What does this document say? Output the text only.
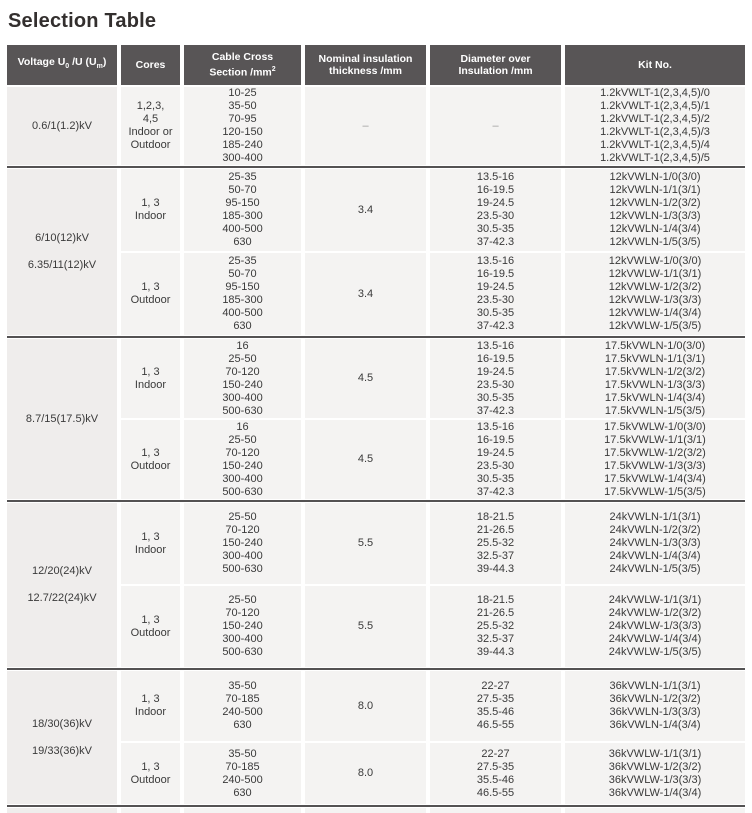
Selection Table
Voltage $U_0$ /U $(U_m)$	Cores
Cable Cross
Section $/mm^2$
Nominal insulation
thickness /mm
Diameter over
Insulation /mm
Kit No.
0.6/1(1.2)kV
1,2,3,
4,5
Indoor or
Outdoor
10-25
35-50
70-95
120-150
185-240
300-400
–	–
1.2kVWLT-1(2,3,4,5)/0
1.2kVWLT-1(2,3,4,5)/1
1.2kVWLT-1(2,3,4,5)/2
1.2kVWLT-1(2,3,4,5)/3
1.2kVWLT-1(2,3,4,5)/4
1.2kVWLT-1(2,3,4,5)/5
6/10(12)kV
6.35/11(12)kV
1, 3
Indoor
25-35
50-70
95-150
185-300
400-500
630
3.4
13.5-16
16-19.5
19-24.5
23.5-30
30.5-35
37-42.3
12kVWLN-1/0(3/0)
12kVWLN-1/1(3/1)
12kVWLN-1/2(3/2)
12kVWLN-1/3(3/3)
12kVWLN-1/4(3/4)
12kVWLN-1/5(3/5)
1, 3
Outdoor
25-35
50-70
95-150
185-300
400-500
630
3.4
13.5-16
16-19.5
19-24.5
23.5-30
30.5-35
37-42.3
12kVWLW-1/0(3/0)
12kVWLW-1/1(3/1)
12kVWLW-1/2(3/2)
12kVWLW-1/3(3/3)
12kVWLW-1/4(3/4)
12kVWLW-1/5(3/5)
8.7/15(17.5)kV
1, 3
Indoor
16
25-50
70-120
150-240
300-400
500-630
4.5
13.5-16
16-19.5
19-24.5
23.5-30
30.5-35
37-42.3
17.5kVWLN-1/0(3/0)
17.5kVWLN-1/1(3/1)
17.5kVWLN-1/2(3/2)
17.5kVWLN-1/3(3/3)
17.5kVWLN-1/4(3/4)
17.5kVWLN-1/5(3/5)
1, 3
Outdoor
16
25-50
70-120
150-240
300-400
500-630
4.5
13.5-16
16-19.5
19-24.5
23.5-30
30.5-35
37-42.3
17.5kVWLW-1/0(3/0)
17.5kVWLW-1/1(3/1)
17.5kVWLW-1/2(3/2)
17.5kVWLW-1/3(3/3)
17.5kVWLW-1/4(3/4)
17.5kVWLW-1/5(3/5)
12/20(24)kV
12.7/22(24)kV
1, 3
Indoor
25-50
70-120
150-240
300-400
500-630
5.5
18-21.5
21-26.5
25.5-32
32.5-37
39-44.3
24kVWLN-1/1(3/1)
24kVWLN-1/2(3/2)
24kVWLN-1/3(3/3)
24kVWLN-1/4(3/4)
24kVWLN-1/5(3/5)
1, 3
Outdoor
25-50
70-120
150-240
300-400
500-630
5.5
18-21.5
21-26.5
25.5-32
32.5-37
39-44.3
24kVWLW-1/1(3/1)
24kVWLW-1/2(3/2)
24kVWLW-1/3(3/3)
24kVWLW-1/4(3/4)
24kVWLW-1/5(3/5)
18/30(36)kV
19/33(36)kV
1, 3
Indoor
35-50
70-185
240-500
630
8.0
22-27
27.5-35
35.5-46
46.5-55
36kVWLN-1/1(3/1)
36kVWLN-1/2(3/2)
36kVWLN-1/3(3/3)
36kVWLN-1/4(3/4)
1, 3
Outdoor
35-50
70-185
240-500
630
8.0
22-27
27.5-35
35.5-46
46.5-55
36kVWLW-1/1(3/1)
36kVWLW-1/2(3/2)
36kVWLW-1/3(3/3)
36kVWLW-1/4(3/4)
